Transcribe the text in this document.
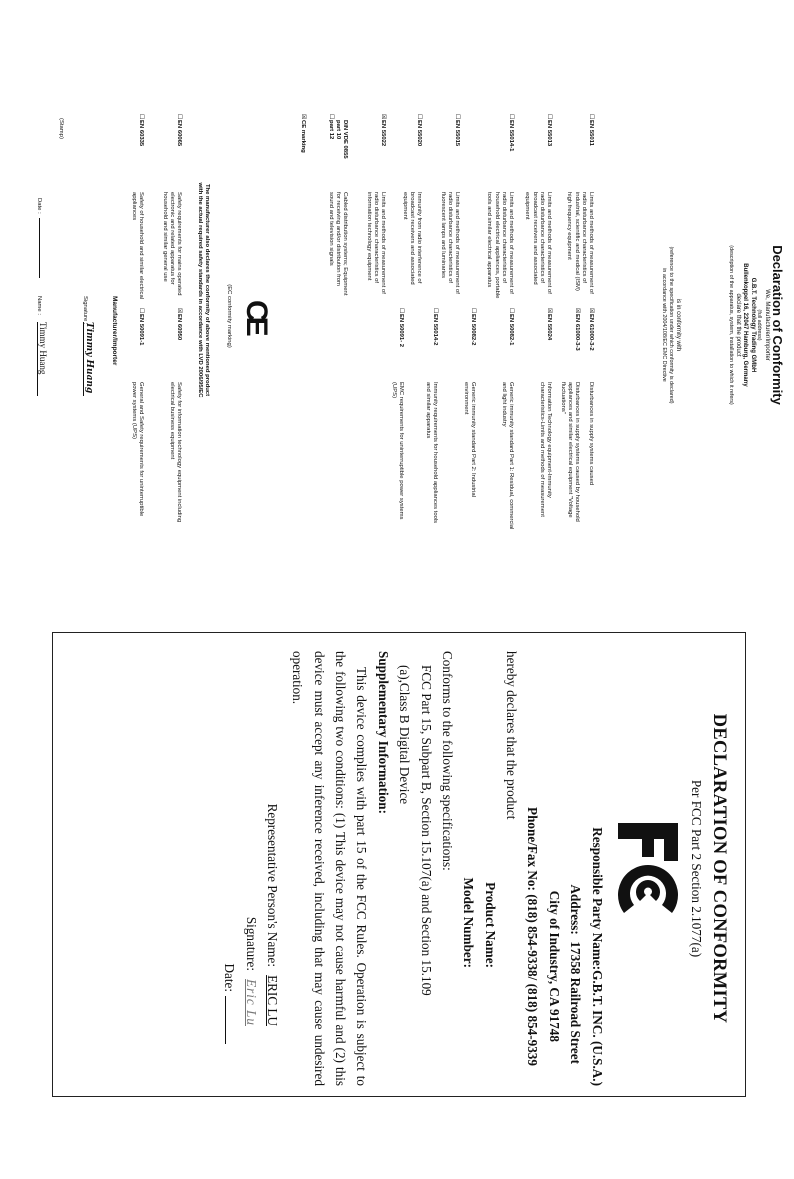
Declaration of Conformity
We, Manufacturer/Importer
(full address)
G.B.T. Technology Trading GMbH
Bullenkoppel 16, 22047 Hamburg, Germany
declare that the product
(description of the apparatus, system, installation to which it refers)
is in conformity with
(reference to the specification under which conformity is declared)
in accordance with 2004/108/EC EMC Directive
CE
(EC conformity marking)
The manufacturer also declares the conformity of above mentioned product
with the actual required safety standards in accordance with LVD 2006/95/EC
Manufacturer/Importer
Signature :
Timmy Huang
(Stamp)
Date :
Name :
Timmy Huang
☐EN 55011
Limits and methods of measurement of radio disturbance characteristics of industrial, scientific and medical (ISM) high frequency equipment
☐EN 55013
Limits and methods of measurement of radio disturbance characteristics of broadcast receivers and associated equipment
☐EN 55014-1
Limits and methods of measurement of radio disturbance characteristics of household electrical appliances, portable tools and similar electrical apparatus
☐EN 55015
Limits and methods of measurement of radio disturbance characteristics of fluorescent lamps and luminaries
☐EN 55020
Immunity from radio interference of broadcast receivers and associated equipment
☒EN 55022
Limits and methods of measurement of radio disturbance characteristics of information technology equipment
☐DIN VDE 0855
part 10
part 12
Cabled distribution systems; Equipment for receiving and/or distribution from sound and television signals
☒CE marking
☒EN 61000-3-2
Disturbances in supply systems caused
☒EN 61000-3-3
Disturbances in supply systems caused by household appliances and similar electrical equipment "Voltage fluctuations"
☒EN 55024
Information Technology equipment-Immunity characteristics-Limits and methods of measurement
☐EN 50082-1
Generic immunity standard Part 1: Residual, commercial and light industry
☐EN 50082-2
Generic immunity standard Part 2: Industrial environment
☐EN 55014-2
Immunity requirements for household appliances tools and similar apparatus
☐EN 50091- 2
EMC requirements for uninterruptible power systems (UPS)
☐EN 60065
Safety requirements for mains operated electronic and related apparatus for household and similar general use
☐EN 60335
Safety of household and similar electrical appliances
☒EN 60950
Safety for information technology equipment including electrical business equipment
☐EN 50091-1
General and Safety requirements for uninterruptible power systems (UPS)
DECLARATION OF CONFORMITY
Per FCC Part 2 Section 2.1077(a)
Responsible Party Name:G.B.T. INC. (U.S.A.)
Address:  17358 Railroad Street
City of Industry, CA 91748
Phone/Fax No: (818) 854-9338/ (818) 854-9339
hereby declares that the product
Product Name:
Model Number:
Conforms to the following specifications:
FCC Part 15, Subpart B, Section 15.107(a) and Section 15.109
(a),Class B Digital Device
Supplementary Information:
This device complies with part 15 of the FCC Rules. Operation is subject to the following two conditions: (1) This device may not cause harmful and (2) this device must accept any inference received, including that may cause undesired operation.
Representative Person's Name:
ERIC LU
Signature:
Eric Lu
Date:
